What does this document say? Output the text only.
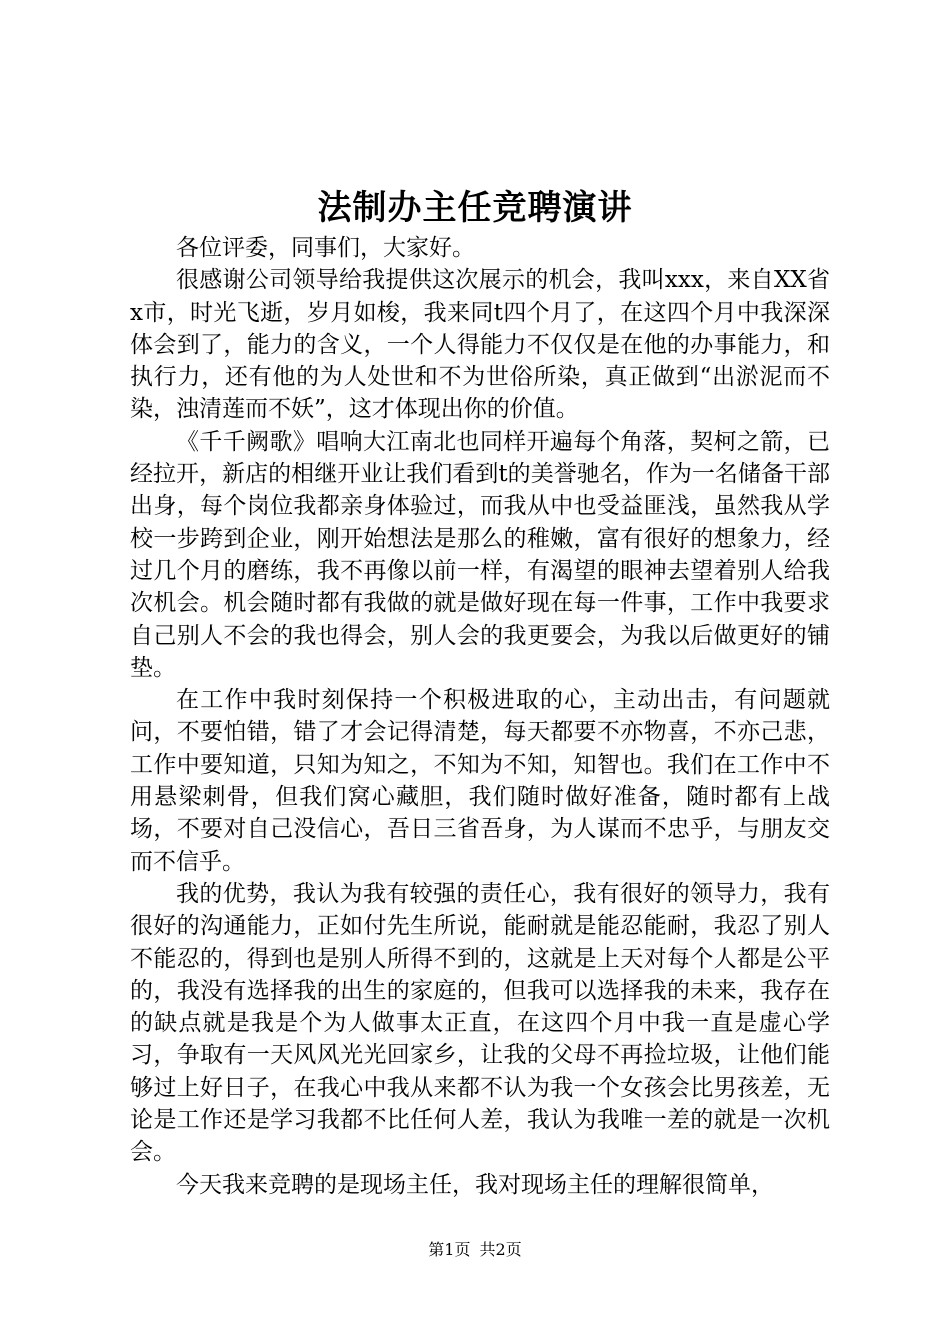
法制办主任竞聘演讲

各位评委，同事们，大家好。

很感谢公司领导给我提供这次展示的机会，我叫xxx，来自XX省x市，时光飞逝，岁月如梭，我来同t四个月了，在这四个月中我深深体会到了，能力的含义，一个人得能力不仅仅是在他的办事能力，和执行力，还有他的为人处世和不为世俗所染，真正做到“出淤泥而不染，浊清莲而不妖”，这才体现出你的价值。

《千千阙歌》唱响大江南北也同样开遍每个角落，契柯之箭，已经拉开，新店的相继开业让我们看到t的美誉驰名，作为一名储备干部出身，每个岗位我都亲身体验过，而我从中也受益匪浅，虽然我从学校一步跨到企业，刚开始想法是那么的稚嫩，富有很好的想象力，经过几个月的磨练，我不再像以前一样，有渴望的眼神去望着别人给我次机会。机会随时都有我做的就是做好现在每一件事，工作中我要求自己别人不会的我也得会，别人会的我更要会，为我以后做更好的铺垫。

在工作中我时刻保持一个积极进取的心，主动出击，有问题就问，不要怕错，错了才会记得清楚，每天都要不亦物喜，不亦己悲，工作中要知道，只知为知之，不知为不知，知智也。我们在工作中不用悬梁刺骨，但我们窝心藏胆，我们随时做好准备，随时都有上战场，不要对自己没信心，吾日三省吾身，为人谋而不忠乎，与朋友交而不信乎。

我的优势，我认为我有较强的责任心，我有很好的领导力，我有很好的沟通能力，正如付先生所说，能耐就是能忍能耐，我忍了别人不能忍的，得到也是别人所得不到的，这就是上天对每个人都是公平的，我没有选择我的出生的家庭的，但我可以选择我的未来，我存在的缺点就是我是个为人做事太正直，在这四个月中我一直是虚心学习，争取有一天风风光光回家乡，让我的父母不再捡垃圾，让他们能够过上好日子，在我心中我从来都不认为我一个女孩会比男孩差，无论是工作还是学习我都不比任何人差，我认为我唯一差的就是一次机会。

今天我来竞聘的是现场主任，我对现场主任的理解很简单，

第1页 共2页
